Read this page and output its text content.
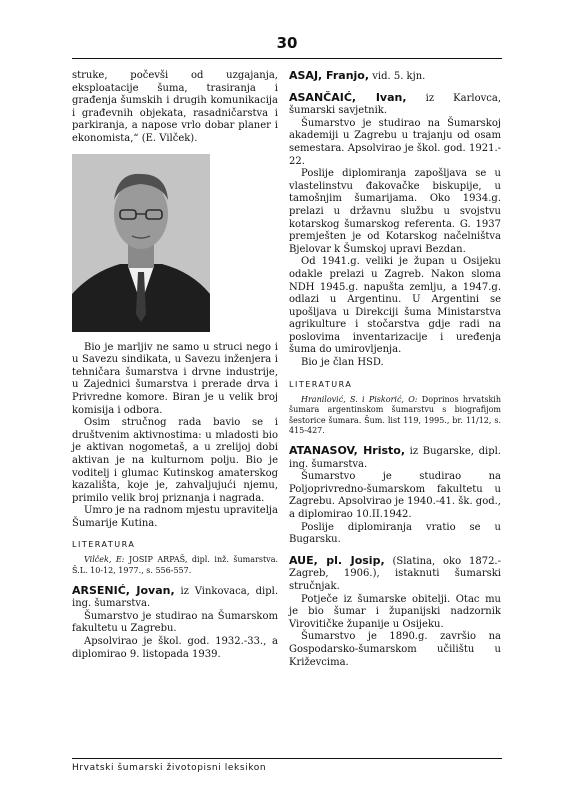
30

struke, počevši od uzgajanja, eksploatacije šuma, trasiranja i građenja šumskih i drugih komunikacija i građevnih objekata, rasadničarstva i parkiranja, a napose vrlo dobar planer i ekonomista,“ (E. Vilček).

Bio je marljiv ne samo u struci nego i u Savezu sindikata, u Savezu inženjera i tehničara šumarstva i drvne industrije, u Zajednici šumarstva i prerade drva i Privredne komore. Biran je u velik broj komisija i odbora.

Osim stručnog rada bavio se i društvenim aktivnostima: u mladosti bio je aktivan nogometaš, a u zrelijoj dobi aktivan je na kulturnom polju. Bio je voditelj i glumac Kutinskog amaterskog kazališta, koje je, zahvaljujući njemu, primilo velik broj priznanja i nagrada.

Umro je na radnom mjestu upravitelja Šumarije Kutina.

LITERATURA

Vilček, E: JOSIP ARPAŠ, dipl. inž. šumarstva. Š.L. 10-12, 1977., s. 556-557.

ARSENIĆ, Jovan, iz Vinkovaca, dipl. ing. šumarstva.

Šumarstvo je studirao na Šumarskom fakultetu u Zagrebu.

Apsolvirao je škol. god. 1932.-33., a diplomirao 9. listopada 1939.

ASAJ, Franjo, vid. 5. kjn.

ASANČAIĆ, Ivan, iz Karlovca, šumarski savjetnik.

Šumarstvo je studirao na Šumarskoj akademiji u Zagrebu u trajanju od osam semestara. Apsolvirao je škol. god. 1921.- 22.

Poslije diplomiranja zapošljava se u vlastelinstvu đakovačke biskupije, u tamošnjim šumarijama. Oko 1934.g. prelazi u državnu službu u svojstvu kotarskog šumarskog referenta. G. 1937 premješten je od Kotarskog načelništva Bjelovar k Šumskoj upravi Bezdan.

Od 1941.g. veliki je župan u Osijeku odakle prelazi u Zagreb. Nakon sloma NDH 1945.g. napušta zemlju, a 1947.g. odlazi u Argentinu. U Argentini se upošljava u Direkciji šuma Ministarstva agrikulture i stočarstva gdje radi na poslovima inventarizacije i uređenja šuma do umirovljenja.

Bio je član HSD.

LITERATURA

Hranilović, S. i Piskorić, O: Doprinos hrvatskih šumara argentinskom šumarstvu s biografijom šestorice šumara. Šum. list 119, 1995., br. 11/12, s. 415-427.

ATANASOV, Hristo, iz Bugarske, dipl. ing. šumarstva.

Šumarstvo je studirao na Poljoprivredno-šumarskom fakultetu u Zagrebu. Apsolvirao je 1940.-41. šk. god., a diplomirao 10.II.1942.

Poslije diplomiranja vratio se u Bugarsku.

AUE, pl. Josip, (Slatina, oko 1872.- Zagreb, 1906.), istaknuti šumarski stručnjak.

Potječe iz šumarske obitelji. Otac mu je bio šumar i županijski nadzornik Virovitičke županije u Osijeku.

Šumarstvo je 1890.g. završio na Gospodarsko-šumarskom učilištu u Križevcima.

Hrvatski šumarski životopisni leksikon
